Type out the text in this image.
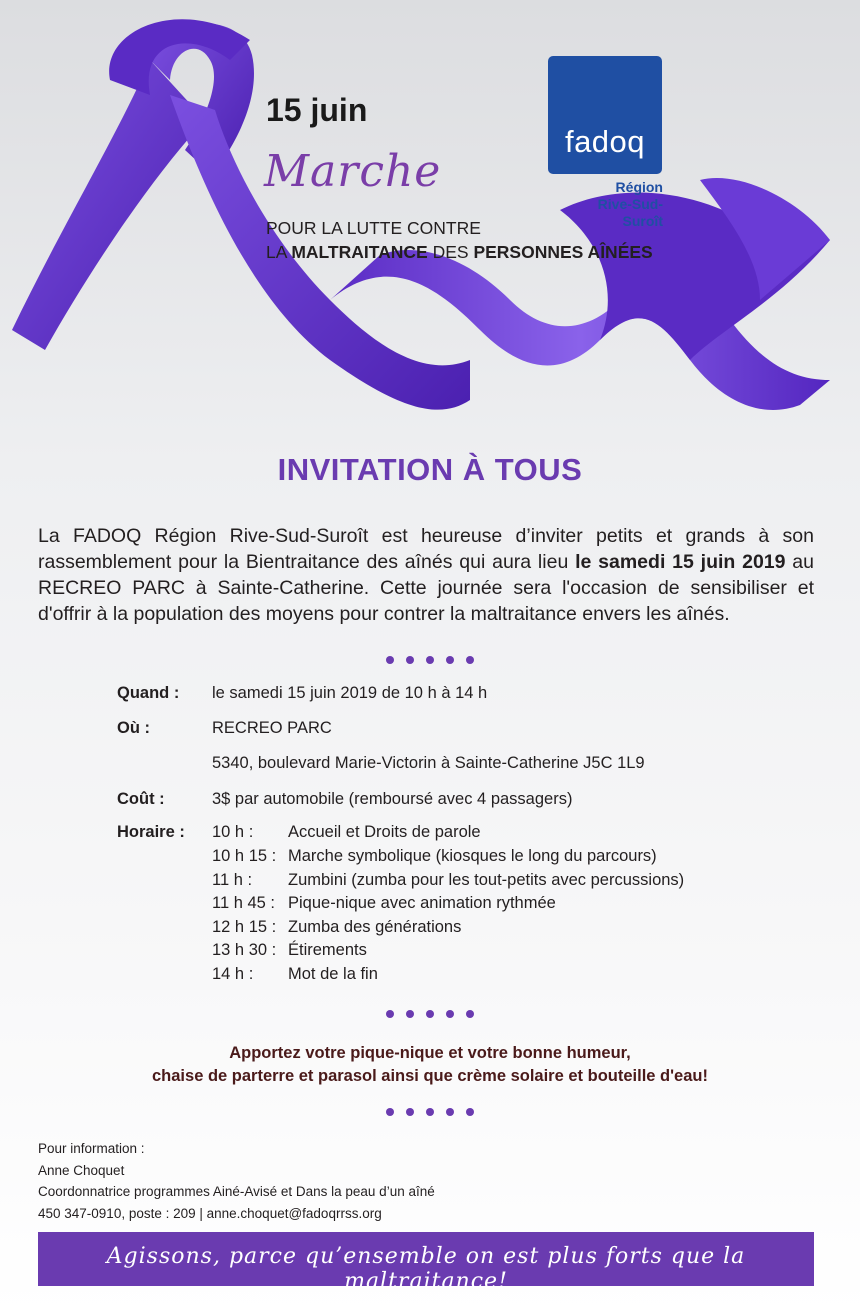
15 juin
Marche
POUR LA LUTTE CONTRE
LA MALTRAITANCE DES PERSONNES AÎNÉES
fadoq
Région
Rive-Sud-Suroît
INVITATION À TOUS
La FADOQ Région Rive-Sud-Suroît est heureuse d’inviter petits et grands à son rassemblement pour la Bientraitance des aînés qui aura lieu le samedi 15 juin 2019 au RECREO PARC à Sainte-Catherine. Cette journée sera l'occasion de sensibiliser et d'offrir à la population des moyens pour contrer la maltraitance envers les aînés.
Quand : le samedi 15 juin 2019 de 10 h à 14 h
Où :	RECREO PARC
5340, boulevard Marie-Victorin à Sainte-Catherine J5C 1L9
Coût :	3$ par automobile (remboursé avec 4 passagers)
Horaire : 10 h : Accueil et Droits de parole
10 h 15 : Marche symbolique (kiosques le long du parcours)
11 h : Zumbini (zumba pour les tout-petits avec percussions)
11 h 45 : Pique-nique avec animation rythmée
12 h 15 : Zumba des générations
13 h 30 : Étirements
14 h : Mot de la fin
Apportez votre pique-nique et votre bonne humeur,
chaise de parterre et parasol ainsi que crème solaire et bouteille d'eau!
Pour information :
Anne Choquet
Coordonnatrice programmes Ainé-Avisé et Dans la peau d’un aîné
450 347-0910, poste : 209 | anne.choquet@fadoqrrss.org
Agissons, parce qu’ensemble on est plus forts que la maltraitance!
